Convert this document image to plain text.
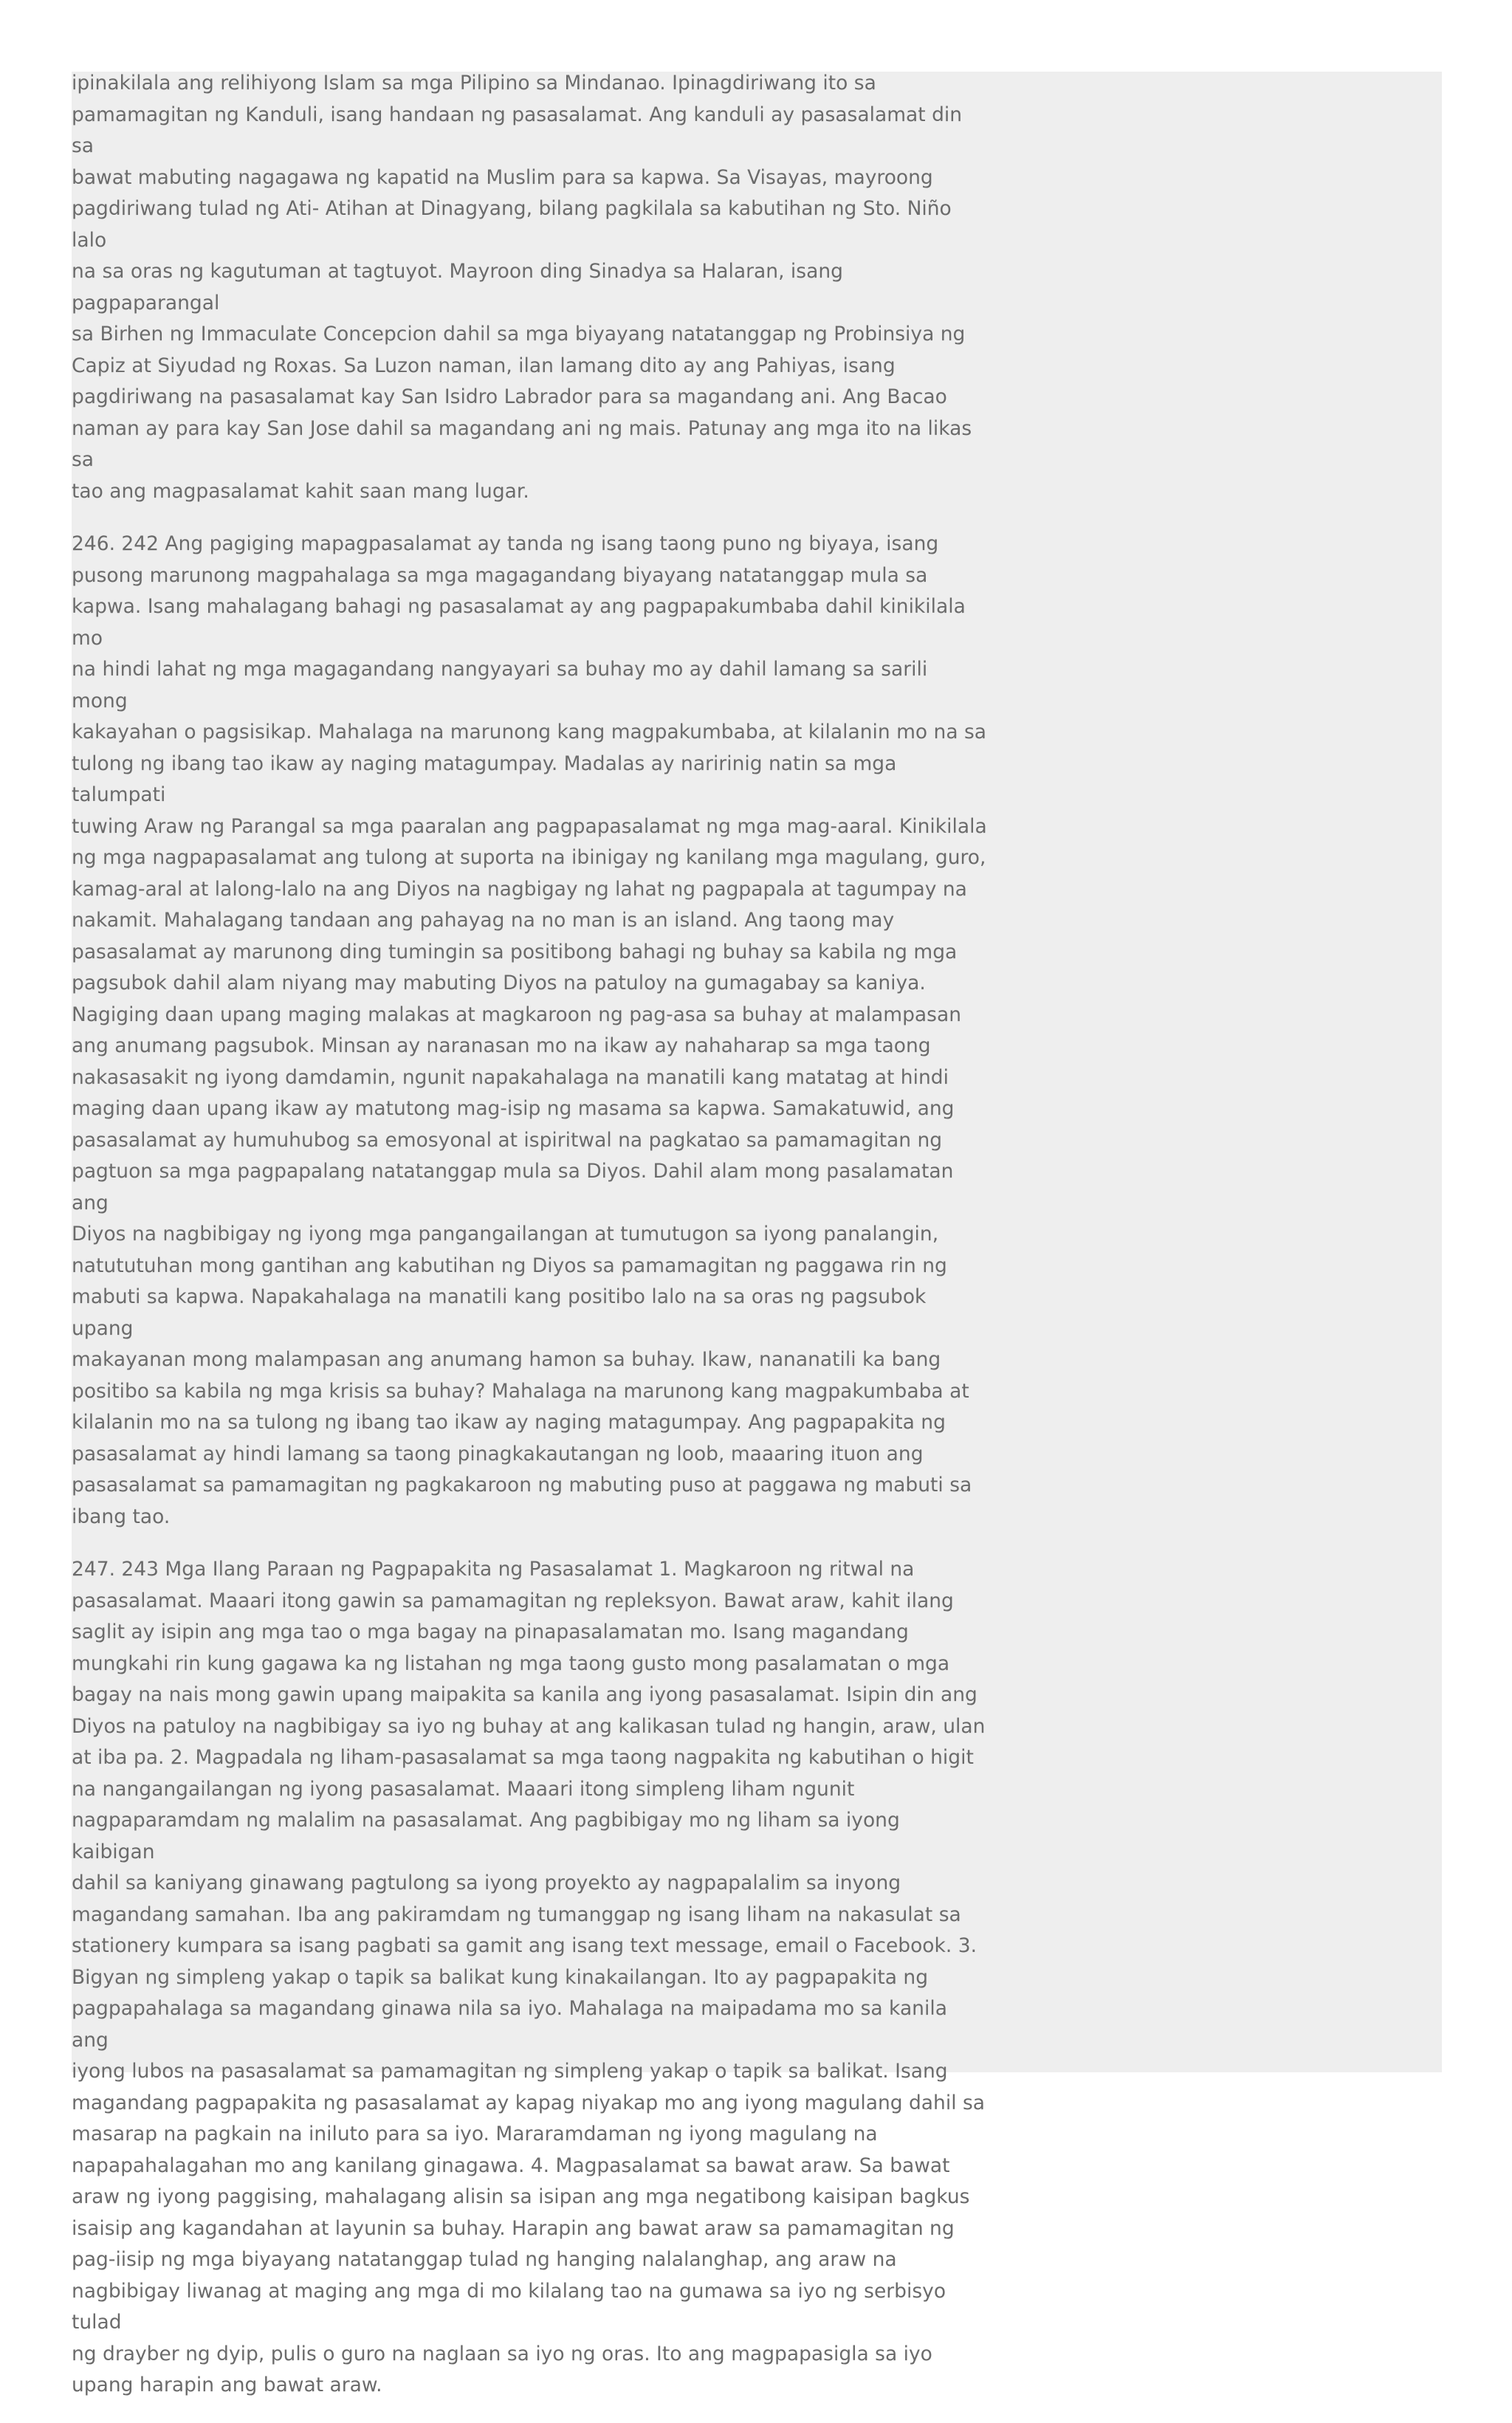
ipinakilala ang relihiyong Islam sa mga Pilipino sa Mindanao. Ipinagdiriwang ito sa
pamamagitan ng Kanduli, isang handaan ng pasasalamat. Ang kanduli ay pasasalamat din sa
bawat mabuting nagagawa ng kapatid na Muslim para sa kapwa. Sa Visayas, mayroong
pagdiriwang tulad ng Ati- Atihan at Dinagyang, bilang pagkilala sa kabutihan ng Sto. Niño lalo
na sa oras ng kagutuman at tagtuyot. Mayroon ding Sinadya sa Halaran, isang pagpaparangal
sa Birhen ng Immaculate Concepcion dahil sa mga biyayang natatanggap ng Probinsiya ng
Capiz at Siyudad ng Roxas. Sa Luzon naman, ilan lamang dito ay ang Pahiyas, isang
pagdiriwang na pasasalamat kay San Isidro Labrador para sa magandang ani. Ang Bacao
naman ay para kay San Jose dahil sa magandang ani ng mais. Patunay ang mga ito na likas sa
tao ang magpasalamat kahit saan mang lugar.

246. 242 Ang pagiging mapagpasalamat ay tanda ng isang taong puno ng biyaya, isang
pusong marunong magpahalaga sa mga magagandang biyayang natatanggap mula sa
kapwa. Isang mahalagang bahagi ng pasasalamat ay ang pagpapakumbaba dahil kinikilala mo
na hindi lahat ng mga magagandang nangyayari sa buhay mo ay dahil lamang sa sarili mong
kakayahan o pagsisikap. Mahalaga na marunong kang magpakumbaba, at kilalanin mo na sa
tulong ng ibang tao ikaw ay naging matagumpay. Madalas ay naririnig natin sa mga talumpati
tuwing Araw ng Parangal sa mga paaralan ang pagpapasalamat ng mga mag-aaral. Kinikilala
ng mga nagpapasalamat ang tulong at suporta na ibinigay ng kanilang mga magulang, guro,
kamag-aral at lalong-lalo na ang Diyos na nagbigay ng lahat ng pagpapala at tagumpay na
nakamit. Mahalagang tandaan ang pahayag na no man is an island. Ang taong may
pasasalamat ay marunong ding tumingin sa positibong bahagi ng buhay sa kabila ng mga
pagsubok dahil alam niyang may mabuting Diyos na patuloy na gumagabay sa kaniya.
Nagiging daan upang maging malakas at magkaroon ng pag-asa sa buhay at malampasan
ang anumang pagsubok. Minsan ay naranasan mo na ikaw ay nahaharap sa mga taong
nakasasakit ng iyong damdamin, ngunit napakahalaga na manatili kang matatag at hindi
maging daan upang ikaw ay matutong mag-isip ng masama sa kapwa. Samakatuwid, ang
pasasalamat ay humuhubog sa emosyonal at ispiritwal na pagkatao sa pamamagitan ng
pagtuon sa mga pagpapalang natatanggap mula sa Diyos. Dahil alam mong pasalamatan ang
Diyos na nagbibigay ng iyong mga pangangailangan at tumutugon sa iyong panalangin,
natututuhan mong gantihan ang kabutihan ng Diyos sa pamamagitan ng paggawa rin ng
mabuti sa kapwa. Napakahalaga na manatili kang positibo lalo na sa oras ng pagsubok upang
makayanan mong malampasan ang anumang hamon sa buhay. Ikaw, nananatili ka bang
positibo sa kabila ng mga krisis sa buhay? Mahalaga na marunong kang magpakumbaba at
kilalanin mo na sa tulong ng ibang tao ikaw ay naging matagumpay. Ang pagpapakita ng
pasasalamat ay hindi lamang sa taong pinagkakautangan ng loob, maaaring ituon ang
pasasalamat sa pamamagitan ng pagkakaroon ng mabuting puso at paggawa ng mabuti sa
ibang tao.

247. 243 Mga Ilang Paraan ng Pagpapakita ng Pasasalamat 1. Magkaroon ng ritwal na
pasasalamat. Maaari itong gawin sa pamamagitan ng repleksyon. Bawat araw, kahit ilang
saglit ay isipin ang mga tao o mga bagay na pinapasalamatan mo. Isang magandang
mungkahi rin kung gagawa ka ng listahan ng mga taong gusto mong pasalamatan o mga
bagay na nais mong gawin upang maipakita sa kanila ang iyong pasasalamat. Isipin din ang
Diyos na patuloy na nagbibigay sa iyo ng buhay at ang kalikasan tulad ng hangin, araw, ulan
at iba pa. 2. Magpadala ng liham-pasasalamat sa mga taong nagpakita ng kabutihan o higit
na nangangailangan ng iyong pasasalamat. Maaari itong simpleng liham ngunit
nagpaparamdam ng malalim na pasasalamat. Ang pagbibigay mo ng liham sa iyong kaibigan
dahil sa kaniyang ginawang pagtulong sa iyong proyekto ay nagpapalalim sa inyong
magandang samahan. Iba ang pakiramdam ng tumanggap ng isang liham na nakasulat sa
stationery kumpara sa isang pagbati sa gamit ang isang text message, email o Facebook. 3.
Bigyan ng simpleng yakap o tapik sa balikat kung kinakailangan. Ito ay pagpapakita ng
pagpapahalaga sa magandang ginawa nila sa iyo. Mahalaga na maipadama mo sa kanila ang
iyong lubos na pasasalamat sa pamamagitan ng simpleng yakap o tapik sa balikat. Isang
magandang pagpapakita ng pasasalamat ay kapag niyakap mo ang iyong magulang dahil sa
masarap na pagkain na iniluto para sa iyo. Mararamdaman ng iyong magulang na
napapahalagahan mo ang kanilang ginagawa. 4. Magpasalamat sa bawat araw. Sa bawat
araw ng iyong paggising, mahalagang alisin sa isipan ang mga negatibong kaisipan bagkus
isaisip ang kagandahan at layunin sa buhay. Harapin ang bawat araw sa pamamagitan ng
pag-iisip ng mga biyayang natatanggap tulad ng hanging nalalanghap, ang araw na
nagbibigay liwanag at maging ang mga di mo kilalang tao na gumawa sa iyo ng serbisyo tulad
ng drayber ng dyip, pulis o guro na naglaan sa iyo ng oras. Ito ang magpapasigla sa iyo
upang harapin ang bawat araw.
